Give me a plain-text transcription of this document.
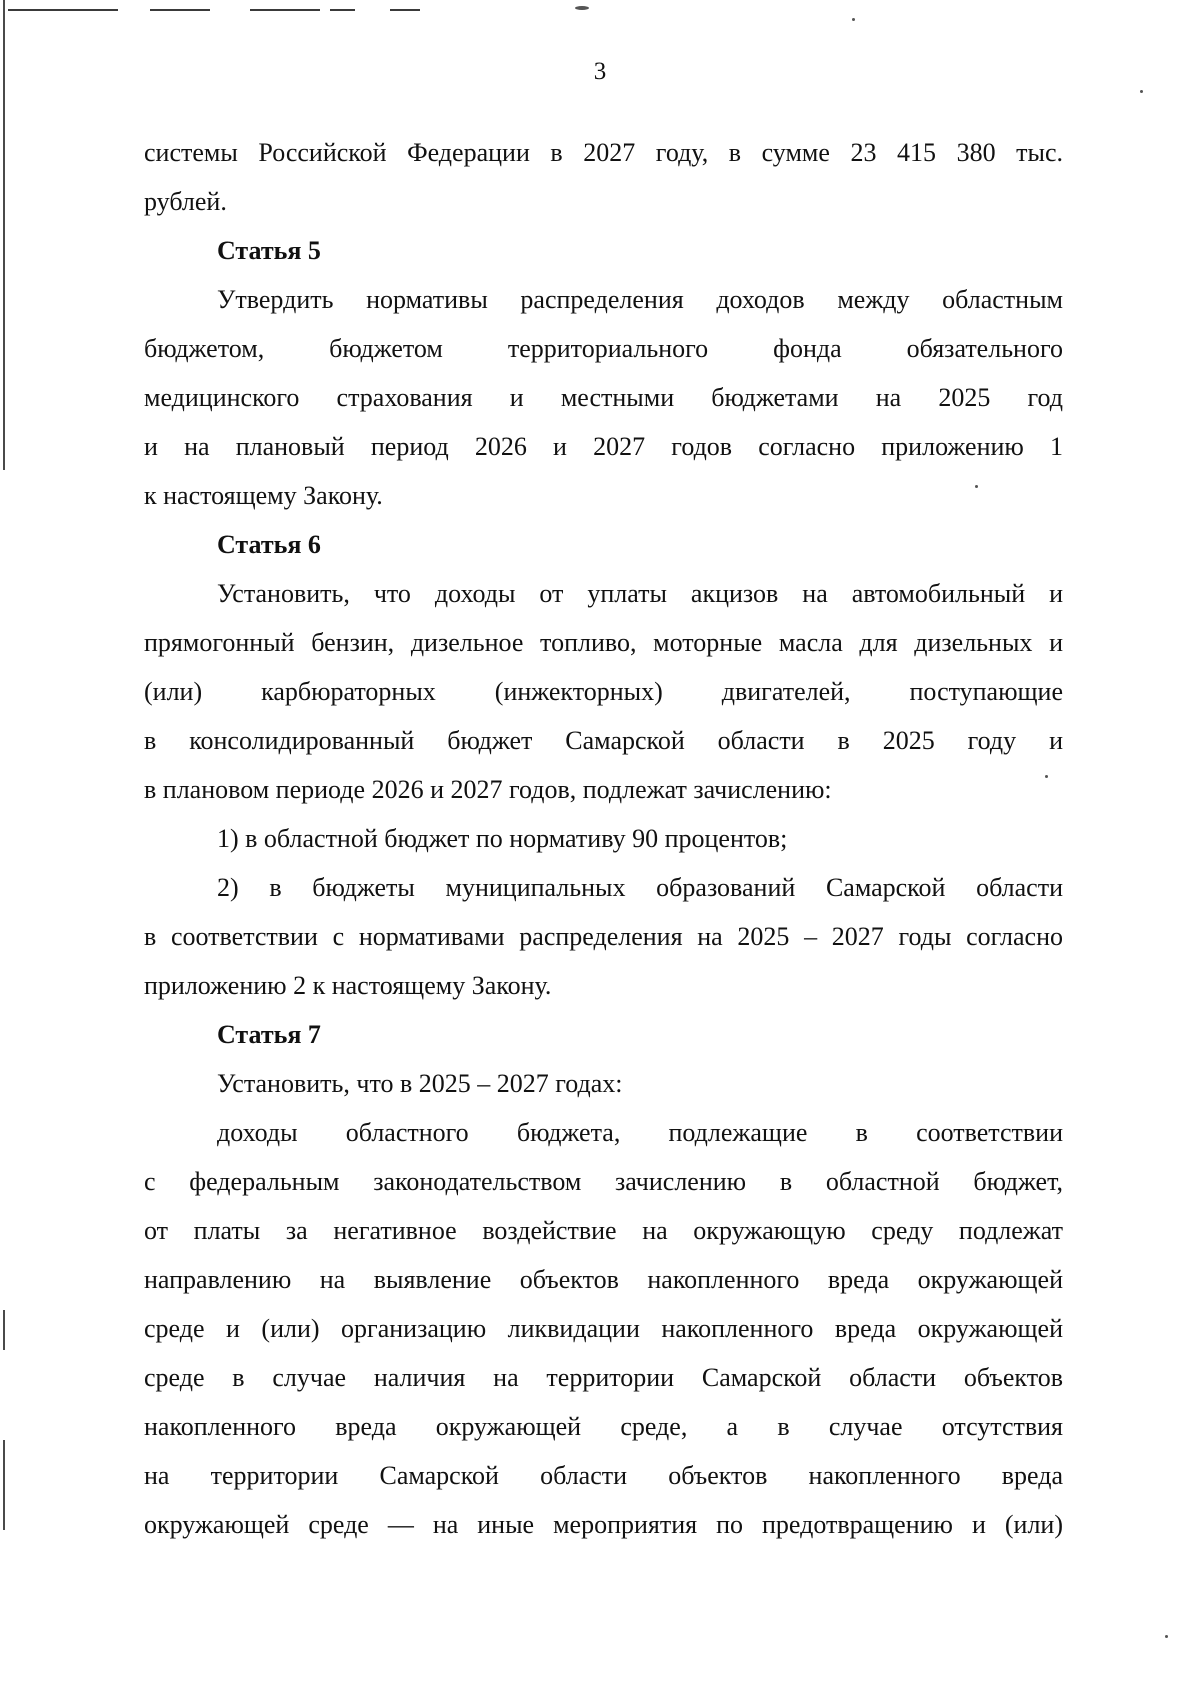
3

системы Российской Федерации в 2027 году, в сумме 23 415 380 тыс.

рублей.

Статья 5

Утвердить нормативы распределения доходов между областным

бюджетом, бюджетом территориального фонда обязательного

медицинского страхования и местными бюджетами на 2025 год

и на плановый период 2026 и 2027 годов согласно приложению 1

к настоящему Закону.

Статья 6

Установить, что доходы от уплаты акцизов на автомобильный и

прямогонный бензин, дизельное топливо, моторные масла для дизельных и

(или) карбюраторных (инжекторных) двигателей, поступающие

в консолидированный бюджет Самарской области в 2025 году и

в плановом периоде 2026 и 2027 годов, подлежат зачислению:

1) в областной бюджет по нормативу 90 процентов;

2) в бюджеты муниципальных образований Самарской области

в соответствии с нормативами распределения на 2025 – 2027 годы согласно

приложению 2 к настоящему Закону.

Статья 7

Установить, что в 2025 – 2027 годах:

доходы областного бюджета, подлежащие в соответствии

с федеральным законодательством зачислению в областной бюджет,

от платы за негативное воздействие на окружающую среду подлежат

направлению на выявление объектов накопленного вреда окружающей

среде и (или) организацию ликвидации накопленного вреда окружающей

среде в случае наличия на территории Самарской области объектов

накопленного вреда окружающей среде, а в случае отсутствия

на территории Самарской области объектов накопленного вреда

окружающей среде — на иные мероприятия по предотвращению и (или)
